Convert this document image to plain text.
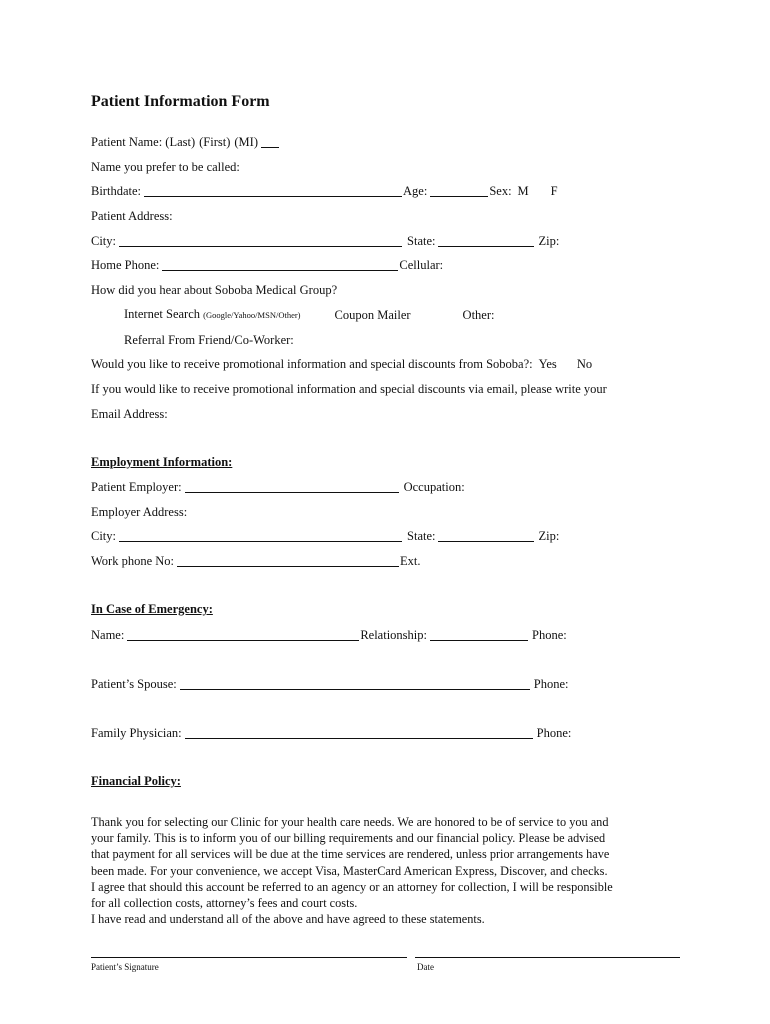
Patient Information Form
Patient Name: (Last) (First) (MI)
Name you prefer to be called:
Birthdate:	Age:	Sex: M F
Patient Address:
City:	State:	Zip:
Home Phone:	Cellular:
How did you hear about Soboba Medical Group?
Internet Search (Google/Yahoo/MSN/Other)	Coupon Mailer	Other:
Referral From Friend/Co-Worker:
Would you like to receive promotional information and special discounts from Soboba?: Yes No
If you would like to receive promotional information and special discounts via email, please write your
Email Address:
Employment Information:
Patient Employer:	Occupation:
Employer Address:
City:	State:	Zip:
Work phone No:	Ext.
In Case of Emergency:
Name:	Relationship:	Phone:
Patient’s Spouse:	Phone:
Family Physician:	Phone:
Financial Policy:
Thank you for selecting our Clinic for your health care needs. We are honored to be of service to you and
your family. This is to inform you of our billing requirements and our financial policy. Please be advised
that payment for all services will be due at the time services are rendered, unless prior arrangements have
been made. For your convenience, we accept Visa, MasterCard American Express, Discover, and checks.
I agree that should this account be referred to an agency or an attorney for collection, I will be responsible
for all collection costs, attorney’s fees and court costs.
I have read and understand all of the above and have agreed to these statements.
Patient’s Signature	Date
